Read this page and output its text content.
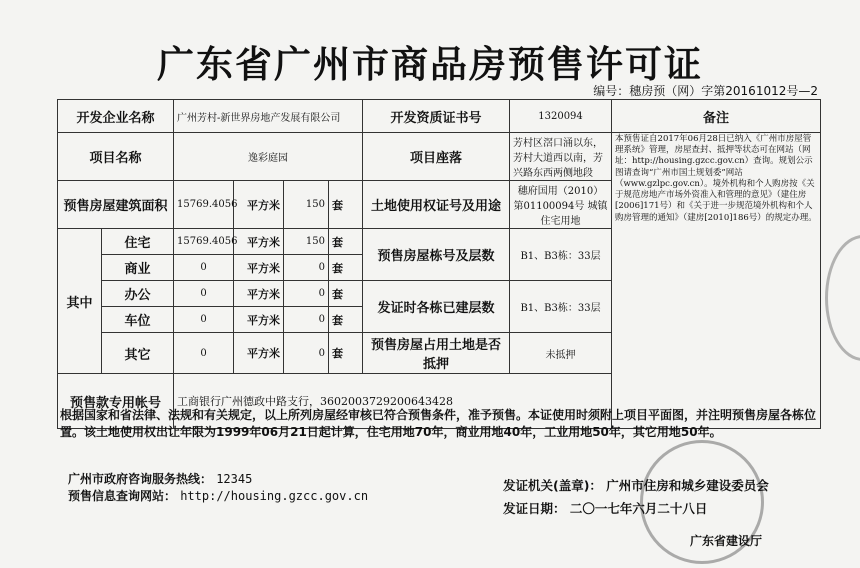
广东省广州市商品房预售许可证
编号：穗房预（网）字第20161012号—2
开发企业名称		广州芳村-新世界房地产发展有限公司				开发资质证书号	1320094	备注
项目名称		逸彩庭园				项目座落	芳村区滘口涌以东，芳村大道西以南，芳兴路东西两侧地段	本预售证自2017年06月28日已纳入《广州市房屋管理系统》管理，房屋查封、抵押等状态可在网站（网址：http://housing.gzcc.gov.cn）查询。规划公示图请查询“广州市国土规划委”网站（www.gzlpc.gov.cn）。境外机构和个人购房按《关于规范房地产市场外资准入和管理的意见》（建住房[2006]171号）和《关于进一步规范境外机构和个人购房管理的通知》（建房[2010]186号）的规定办理。
预售房屋建筑面积		15769.4056	平方米	150	套	土地使用权证号及用途	穗府国用（2010）第01100094号 城镇住宅用地	
其中	住宅	15769.4056	平方米	150	套	预售房屋栋号及层数	B1、B3栋：33层	
	商业	0	平方米	0	套			
	办公	0	平方米	0	套	发证时各栋已建层数	B1、B3栋：33层	
	车位	0	平方米	0	套			
	其它	0	平方米	0	套	预售房屋占用土地是否抵押	未抵押	
预售款专用帐号		工商银行广州德政中路支行，3602003729200643428						
根据国家和省法律、法规和有关规定，以上所列房屋经审核已符合预售条件，准予预售。本证使用时须附上项目平面图，并注明预售房屋各栋位置。该土地使用权出让年限为1999年06月21日起计算，住宅用地70年，商业用地40年，工业用地50年，其它用地50年。
广州市政府咨询服务热线： 12345
预售信息查询网站： http://housing.gzcc.gov.cn
发证机关(盖章)： 广州市住房和城乡建设委员会
发证日期： 二〇一七年六月二十八日
广东省建设厅
